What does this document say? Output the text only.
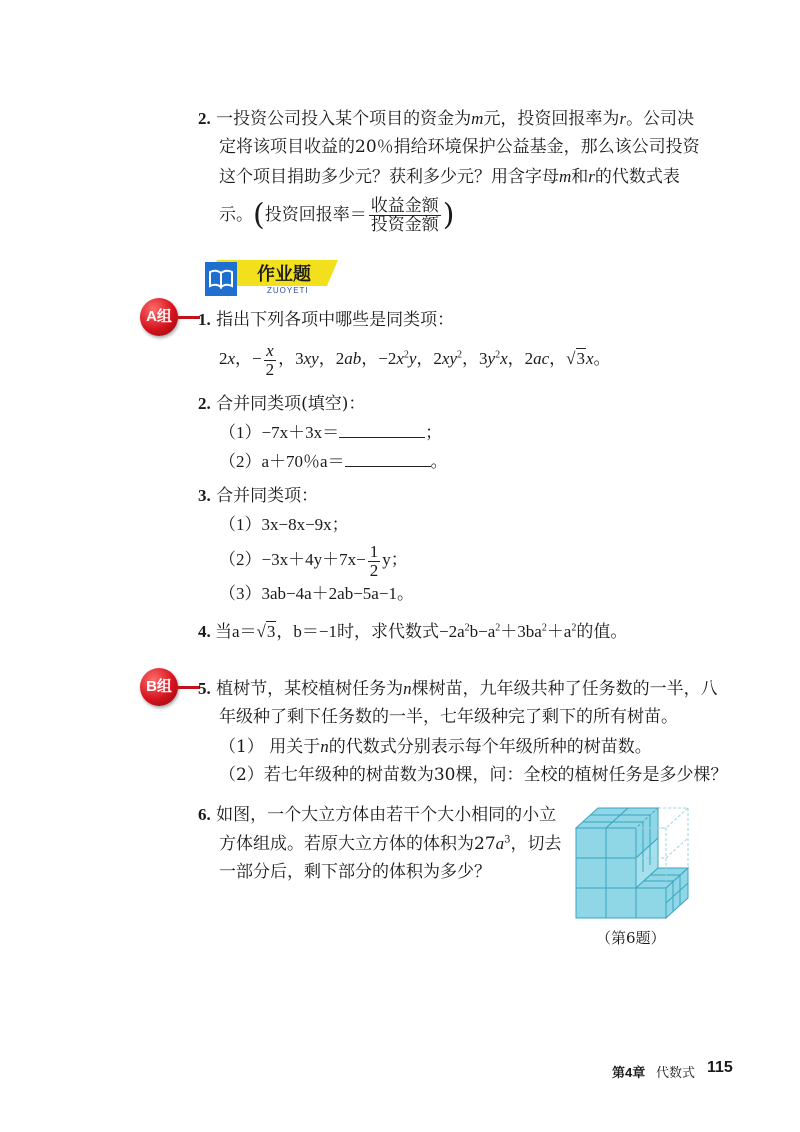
2. 一投资公司投入某个项目的资金为m元，投资回报率为r。公司决
定将该项目收益的20％捐给环境保护公益基金，那么该公司投资
这个项目捐助多少元？获利多少元？用含字母m和r的代数式表
示。(投资回报率＝ $\frac{\text{收益金额}}{\text{投资金额}}$ )
作业题
ZUOYETI
A组	1. 指出下列各项中哪些是同类项：
2x，− $\frac{x}{2}$ ，3xy，2ab，$-2x^2y$，$2xy^2$，$3y^2x$，2ac，√3x。
2. 合并同类项(填空)：
（1）−7x＋3x＝	；
（2）a＋70％a＝	。
3. 合并同类项：
（1）3x−8x−9x；
$(2)-3x+4y+7x- \frac{1}{2}$ y；
（3）3ab−4a＋2ab−5a−1。
4. 当a＝√3，b＝−1时，求代数式$-2a^2b-a^2+3ba^2+a^2$的值。
B组	5. 植树节，某校植树任务为n棵树苗，九年级共种了任务数的一半，八
年级种了剩下任务数的一半，七年级种完了剩下的所有树苗。
（1） 用关于n的代数式分别表示每个年级所种的树苗数。
（2）若七年级种的树苗数为30棵，问：全校的植树任务是多少棵？
6. 如图，一个大立方体由若干个大小相同的小立
方体组成。若原大立方体的体积为$27a^3$，切去
一部分后，剩下部分的体积为多少？
（第6题）
第4章 代数式 115
